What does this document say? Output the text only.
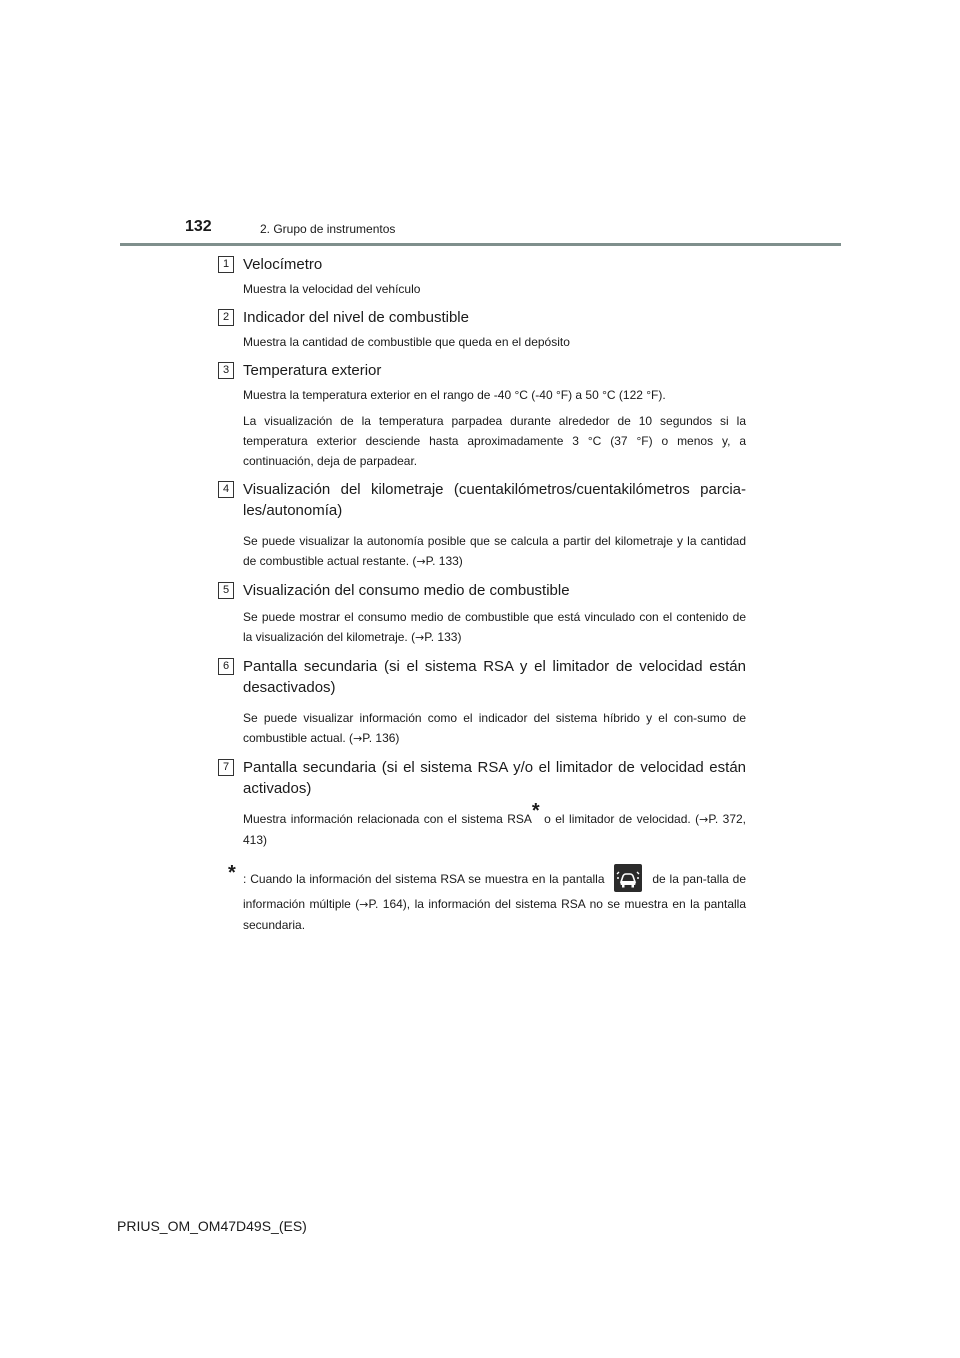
132	2. Grupo de instrumentos
1 Velocímetro
Muestra la velocidad del vehículo
2 Indicador del nivel de combustible
Muestra la cantidad de combustible que queda en el depósito
3 Temperatura exterior
Muestra la temperatura exterior en el rango de -40 °C (-40 °F) a 50 °C (122 °F).
La visualización de la temperatura parpadea durante alrededor de 10 segundos si la temperatura exterior desciende hasta aproximadamente 3 °C (37 °F) o menos y, a continuación, deja de parpadear.
4 Visualización del kilometraje (cuentakilómetros/cuentakilómetros parcia-les/autonomía)
Se puede visualizar la autonomía posible que se calcula a partir del kilometraje y la cantidad de combustible actual restante. (→P. 133)
5 Visualización del consumo medio de combustible
Se puede mostrar el consumo medio de combustible que está vinculado con el contenido de la visualización del kilometraje. (→P. 133)
6 Pantalla secundaria (si el sistema RSA y el limitador de velocidad están desactivados)
Se puede visualizar información como el indicador del sistema híbrido y el con-sumo de combustible actual. (→P. 136)
7 Pantalla secundaria (si el sistema RSA y/o el limitador de velocidad están activados)
Muestra información relacionada con el sistema RSA* o el limitador de velocidad. (→P. 372, 413)
* : Cuando la información del sistema RSA se muestra en la pantalla	de la pan-talla de información múltiple (→P. 164), la información del sistema RSA no se muestra en la pantalla secundaria.
PRIUS_OM_OM47D49S_(ES)
